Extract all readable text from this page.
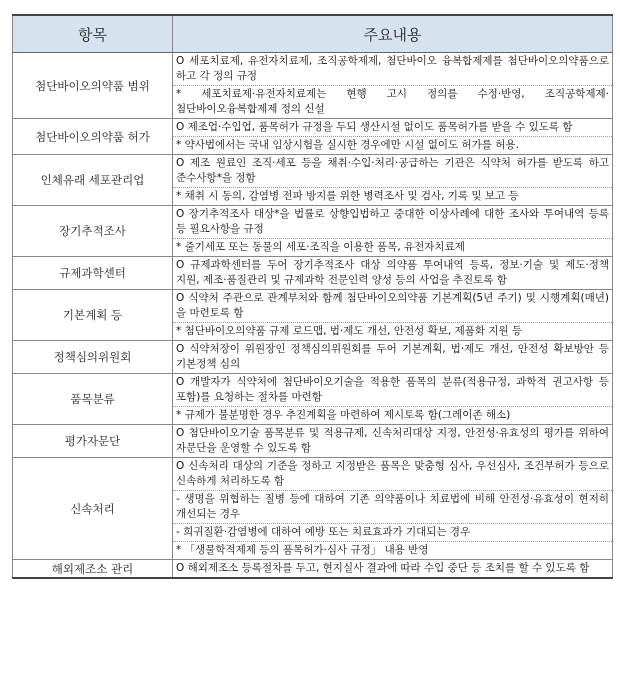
항목	주요내용
첨단바이오의약품 범위	O 세포치료제, 유전자치료제, 조직공학제제, 첨단바이오 융복합제제를 첨단바이오의약품으로 하고 각 정의 규정
* 세포치료제·유전자치료제는 현행 고시 정의를 수정·반영, 조직공학제제·첨단바이오융복합제제 정의 신설

첨단바이오의약품 허가	O 제조업·수입업, 품목허가 규정을 두되 생산시설 없이도 품목허가를 받을 수 있도록 함
* 약사법에서는 국내 임상시험을 실시한 경우에만 시설 없이도 허가를 허용.

인체유래 세포관리업	O 제조 원료인 조직·세포 등을 채취·수입·처리·공급하는 기관은 식약처 허가를 받도록 하고 준수사항*을 정함
* 채취 시 동의, 감염병 전파 방지를 위한 병력조사 및 검사, 기록 및 보고 등

장기추적조사	O 장기추적조사 대상*을 법률로 상향입법하고 중대한 이상사례에 대한 조사와 투여내역 등록 등 필요사항을 규정
* 줄기세포 또는 동물의 세포·조직을 이용한 품목, 유전자치료제

규제과학센터	O 규제과학센터를 두어 장기추적조사 대상 의약품 투여내역 등록, 정보·기술 및 제도·정책 지원, 제조·품질관리 및 규제과학 전문인력 양성 등의 사업을 추진토록 함

기본계획 등	O 식약처 주관으로 관계부처와 함께 첨단바이오의약품 기본계획(5년 주기) 및 시행계획(매년)을 마련토록 함
* 첨단바이오의약품 규제 로드맵, 법·제도 개선, 안전성 확보, 제품화 지원 등

정책심의위원회	O 식약처장이 위원장인 정책심의위원회를 두어 기본계획, 법·제도 개선, 안전성 확보방안 등 기본정책 심의

품목분류	O 개발자가 식약처에 첨단바이오기술을 적용한 품목의 분류(적용규정, 과학적 권고사항 등 포함)를 요청하는 절차를 마련함
* 규제가 불분명한 경우 추진계획을 마련하여 제시토록 함(그레이존 해소)

평가자문단	O 첨단바이오기술 품목분류 및 적용규제, 신속처리대상 지정, 안전성·유효성의 평가를 위하여 자문단을 운영할 수 있도록 함

신속처리	O 신속처리 대상의 기준을 정하고 지정받은 품목은 맞춤형 심사, 우선심사, 조건부허가 등으로 신속하게 처리하도록 함
- 생명을 위협하는 질병 등에 대하여 기존 의약품이나 치료법에 비해 안전성·유효성이 현저히 개선되는 경우
- 희귀질환·감염병에 대하여 예방 또는 치료효과가 기대되는 경우
* 「생물학적제제 등의 품목허가·심사 규정」 내용 반영

해외제조소 관리	O 해외제조소 등록절차를 두고, 현지실사 결과에 따라 수입 중단 등 조치를 할 수 있도록 함
